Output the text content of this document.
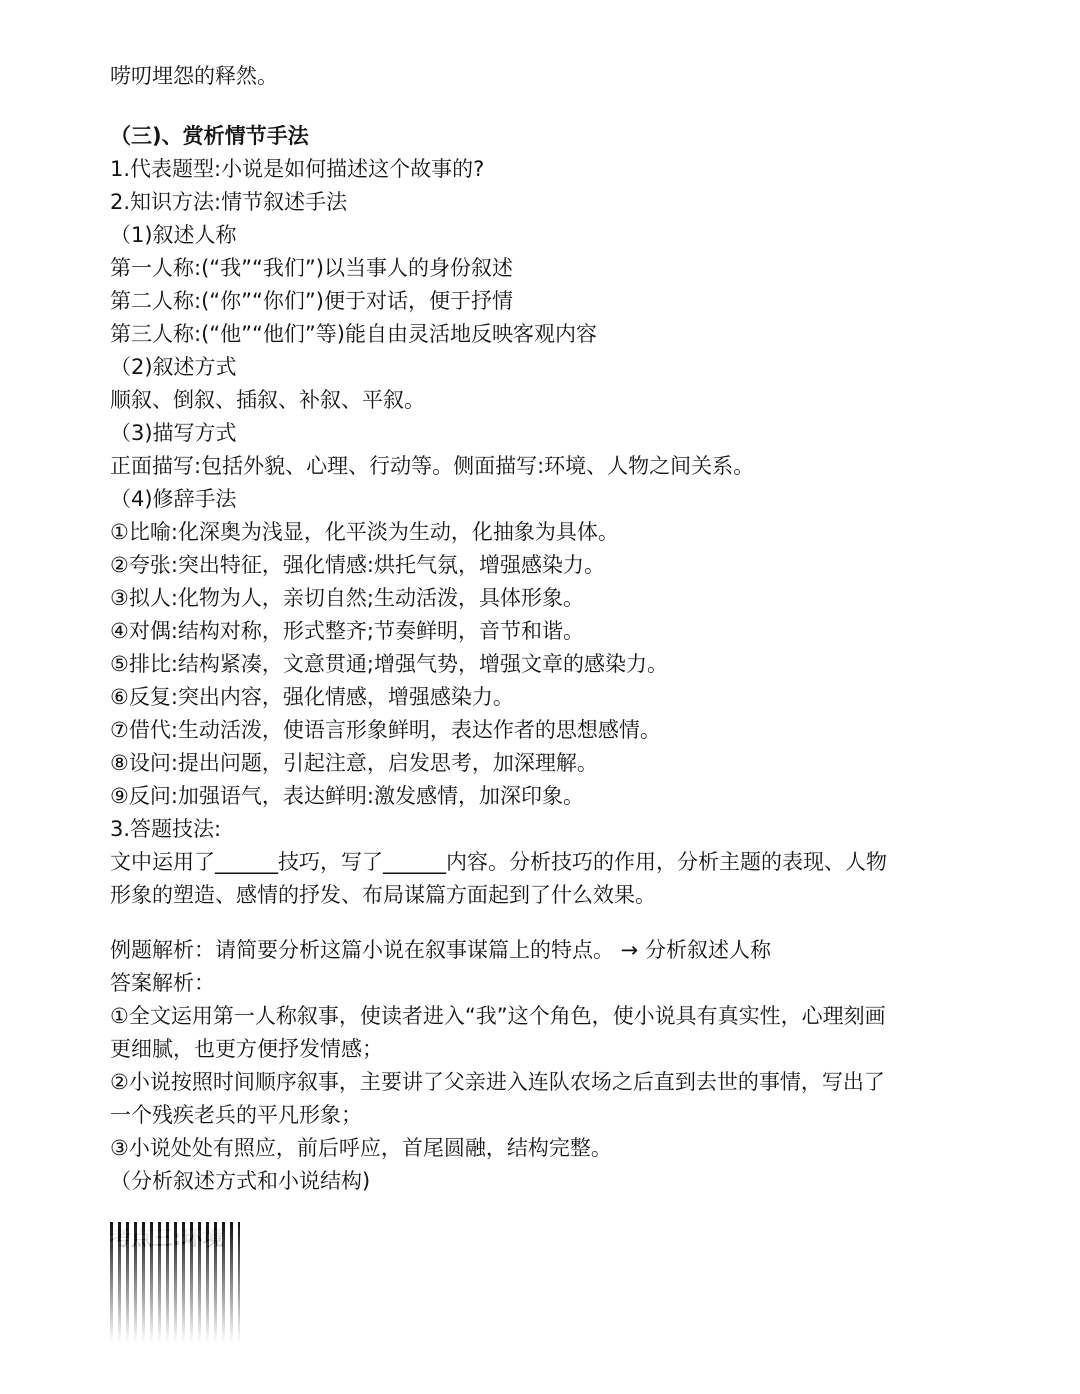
唠叨埋怨的释然。
（三)、赏析情节手法
1.代表题型:小说是如何描述这个故事的?
2.知识方法:情节叙述手法
（1)叙述人称
第一人称:(“我”“我们”)以当事人的身份叙述
第二人称:(“你”“你们”)便于对话，便于抒情
第三人称:(“他”“他们”等)能自由灵活地反映客观内容
（2)叙述方式
顺叙、倒叙、插叙、补叙、平叙。
（3)描写方式
正面描写:包括外貌、心理、行动等。侧面描写:环境、人物之间关系。
（4)修辞手法
①比喻:化深奥为浅显，化平淡为生动，化抽象为具体。
②夸张:突出特征，强化情感:烘托气氛，增强感染力。
③拟人:化物为人，亲切自然;生动活泼，具体形象。
④对偶:结构对称，形式整齐;节奏鲜明，音节和谐。
⑤排比:结构紧凑，文意贯通;增强气势，增强文章的感染力。
⑥反复:突出内容，强化情感，增强感染力。
⑦借代:生动活泼，使语言形象鲜明，表达作者的思想感情。
⑧设问:提出问题，引起注意，启发思考，加深理解。
⑨反问:加强语气，表达鲜明:激发感情，加深印象。
3.答题技法:
文中运用了______技巧，写了______内容。分析技巧的作用，分析主题的表现、人物
形象的塑造、感情的抒发、布局谋篇方面起到了什么效果。
例题解析：请简要分析这篇小说在叙事谋篇上的特点。 → 分析叙述人称
答案解析：
①全文运用第一人称叙事，使读者进入“我”这个角色，使小说具有真实性，心理刻画
更细腻，也更方便抒发情感；
②小说按照时间顺序叙事，主要讲了父亲进入连队农场之后直到去世的事情，写出了
一个残疾老兵的平凡形象；
③小说处处有照应，前后呼应，首尾圆融，结构完整。
（分析叙述方式和小说结构)
